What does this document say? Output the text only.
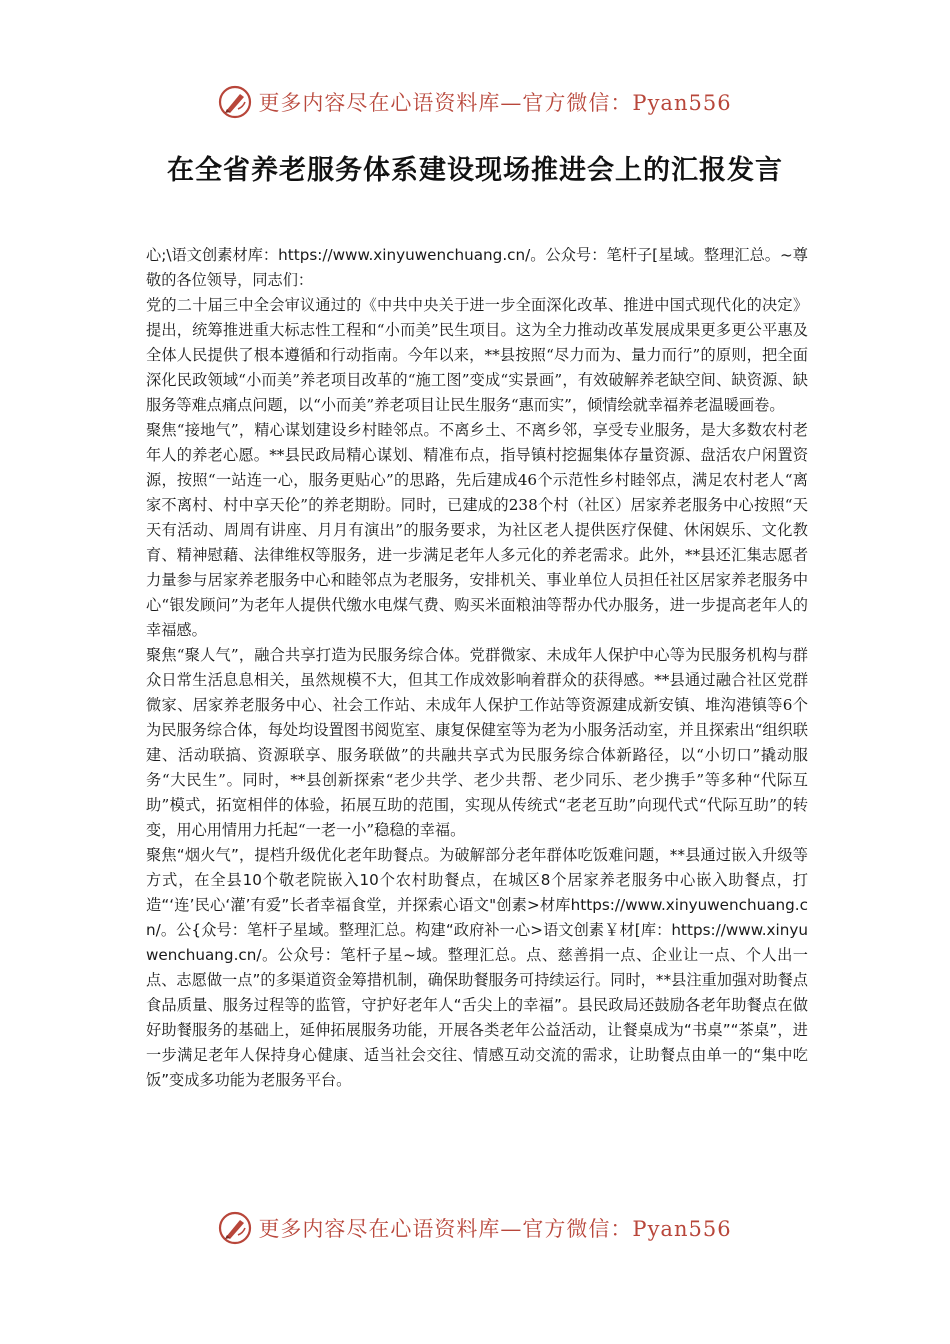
更多内容尽在心语资料库—官方微信：Pyan556
在全省养老服务体系建设现场推进会上的汇报发言

心;\语文创素材库：https://www.xinyuwenchuang.cn/。公众号：笔杆子[星域。整理汇总。~尊敬的各位领导，同志们：

党的二十届三中全会审议通过的《中共中央关于进一步全面深化改革、推进中国式现代化的决定》提出，统筹推进重大标志性工程和“小而美”民生项目。这为全力推动改革发展成果更多更公平惠及全体人民提供了根本遵循和行动指南。今年以来，**县按照“尽力而为、量力而行”的原则，把全面深化民政领域“小而美”养老项目改革的“施工图”变成“实景画”，有效破解养老缺空间、缺资源、缺服务等难点痛点问题，以“小而美”养老项目让民生服务“惠而实”，倾情绘就幸福养老温暖画卷。

聚焦“接地气”，精心谋划建设乡村睦邻点。不离乡土、不离乡邻，享受专业服务，是大多数农村老年人的养老心愿。**县民政局精心谋划、精准布点，指导镇村挖掘集体存量资源、盘活农户闲置资源，按照“一站连一心，服务更贴心”的思路，先后建成46个示范性乡村睦邻点，满足农村老人“离家不离村、村中享天伦”的养老期盼。同时，已建成的238个村（社区）居家养老服务中心按照“天天有活动、周周有讲座、月月有演出”的服务要求，为社区老人提供医疗保健、休闲娱乐、文化教育、精神慰藉、法律维权等服务，进一步满足老年人多元化的养老需求。此外，**县还汇集志愿者力量参与居家养老服务中心和睦邻点为老服务，安排机关、事业单位人员担任社区居家养老服务中心“银发顾问”为老年人提供代缴水电煤气费、购买米面粮油等帮办代办服务，进一步提高老年人的幸福感。

聚焦“聚人气”，融合共享打造为民服务综合体。党群微家、未成年人保护中心等为民服务机构与群众日常生活息息相关，虽然规模不大，但其工作成效影响着群众的获得感。**县通过融合社区党群微家、居家养老服务中心、社会工作站、未成年人保护工作站等资源建成新安镇、堆沟港镇等6个为民服务综合体，每处均设置图书阅览室、康复保健室等为老为小服务活动室，并且探索出“组织联建、活动联搞、资源联享、服务联做”的共融共享式为民服务综合体新路径，以“小切口”撬动服务“大民生”。同时，**县创新探索“老少共学、老少共帮、老少同乐、老少携手”等多种“代际互助”模式，拓宽相伴的体验，拓展互助的范围，实现从传统式“老老互助”向现代式“代际互助”的转变，用心用情用力托起“一老一小”稳稳的幸福。

聚焦“烟火气”，提档升级优化老年助餐点。为破解部分老年群体吃饭难问题，**县通过嵌入升级等方式，在全县10个敬老院嵌入10个农村助餐点，在城区8个居家养老服务中心嵌入助餐点，打造“‘连’民心‘灌’有爱”长者幸福食堂，并探索心语文"创素>材库https://www.xinyuwenchuang.cn/。公{众号：笔杆子星域。整理汇总。构建“政府补一心>语文创素￥材[库：https://www.xinyuwenchuang.cn/。公众号：笔杆子星~域。整理汇总。点、慈善捐一点、企业让一点、个人出一点、志愿做一点”的多渠道资金筹措机制，确保助餐服务可持续运行。同时，**县注重加强对助餐点食品质量、服务过程等的监管，守护好老年人“舌尖上的幸福”。县民政局还鼓励各老年助餐点在做好助餐服务的基础上，延伸拓展服务功能，开展各类老年公益活动，让餐桌成为“书桌”“茶桌”，进一步满足老年人保持身心健康、适当社会交往、情感互动交流的需求，让助餐点由单一的“集中吃饭”变成多功能为老服务平台。

更多内容尽在心语资料库—官方微信：Pyan556
